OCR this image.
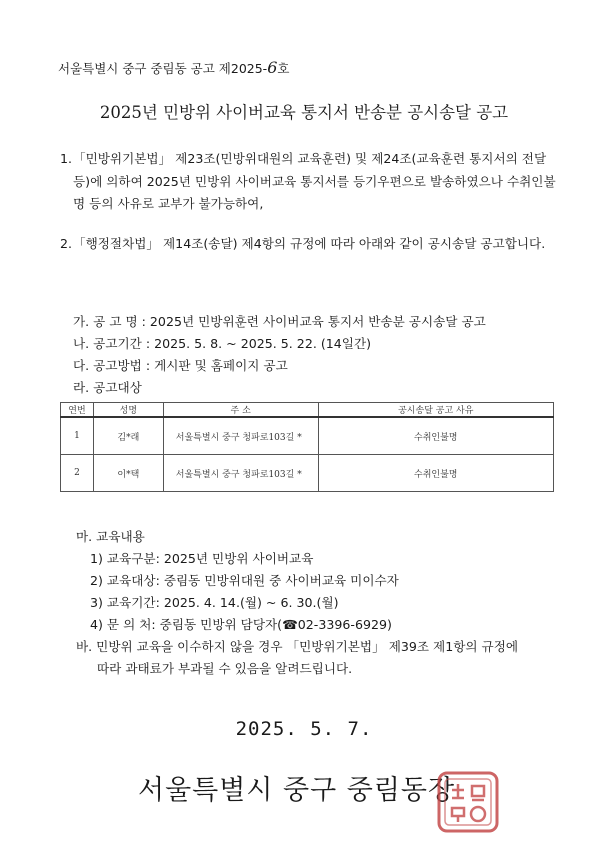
서울특별시 중구 중림동 공고 제2025-6호
2025년 민방위 사이버교육 통지서 반송분 공시송달 공고
1. 「민방위기본법」 제23조(민방위대원의 교육훈련) 및 제24조(교육훈련 통지서의 전달 등)에 의하여 2025년 민방위 사이버교육 통지서를 등기우편으로 발송하였으나 수취인불명 등의 사유로 교부가 불가능하여,
2. 「행정절차법」 제14조(송달) 제4항의 규정에 따라 아래와 같이 공시송달 공고합니다.
가. 공 고 명 : 2025년 민방위훈련 사이버교육 통지서 반송분 공시송달 공고
나. 공고기간 : 2025. 5. 8. ~ 2025. 5. 22. (14일간)
다. 공고방법 : 게시판 및 홈페이지 공고
라. 공고대상
연번	성명	주 소	공시송달 공고 사유
1	김*래	서울특별시 중구 청파로103길 *	수취인불명
2	이*택	서울특별시 중구 청파로103길 *	수취인불명
마. 교육내용
1) 교육구분: 2025년 민방위 사이버교육
2) 교육대상: 중림동 민방위대원 중 사이버교육 미이수자
3) 교육기간: 2025. 4. 14.(월) ~ 6. 30.(월)
4) 문 의 처: 중림동 민방위 담당자(☎02-3396-6929)
바. 민방위 교육을 이수하지 않을 경우 「민방위기본법」 제39조 제1항의 규정에
따라 과태료가 부과될 수 있음을 알려드립니다.
2025. 5. 7.
서울특별시 중구 중림동장
